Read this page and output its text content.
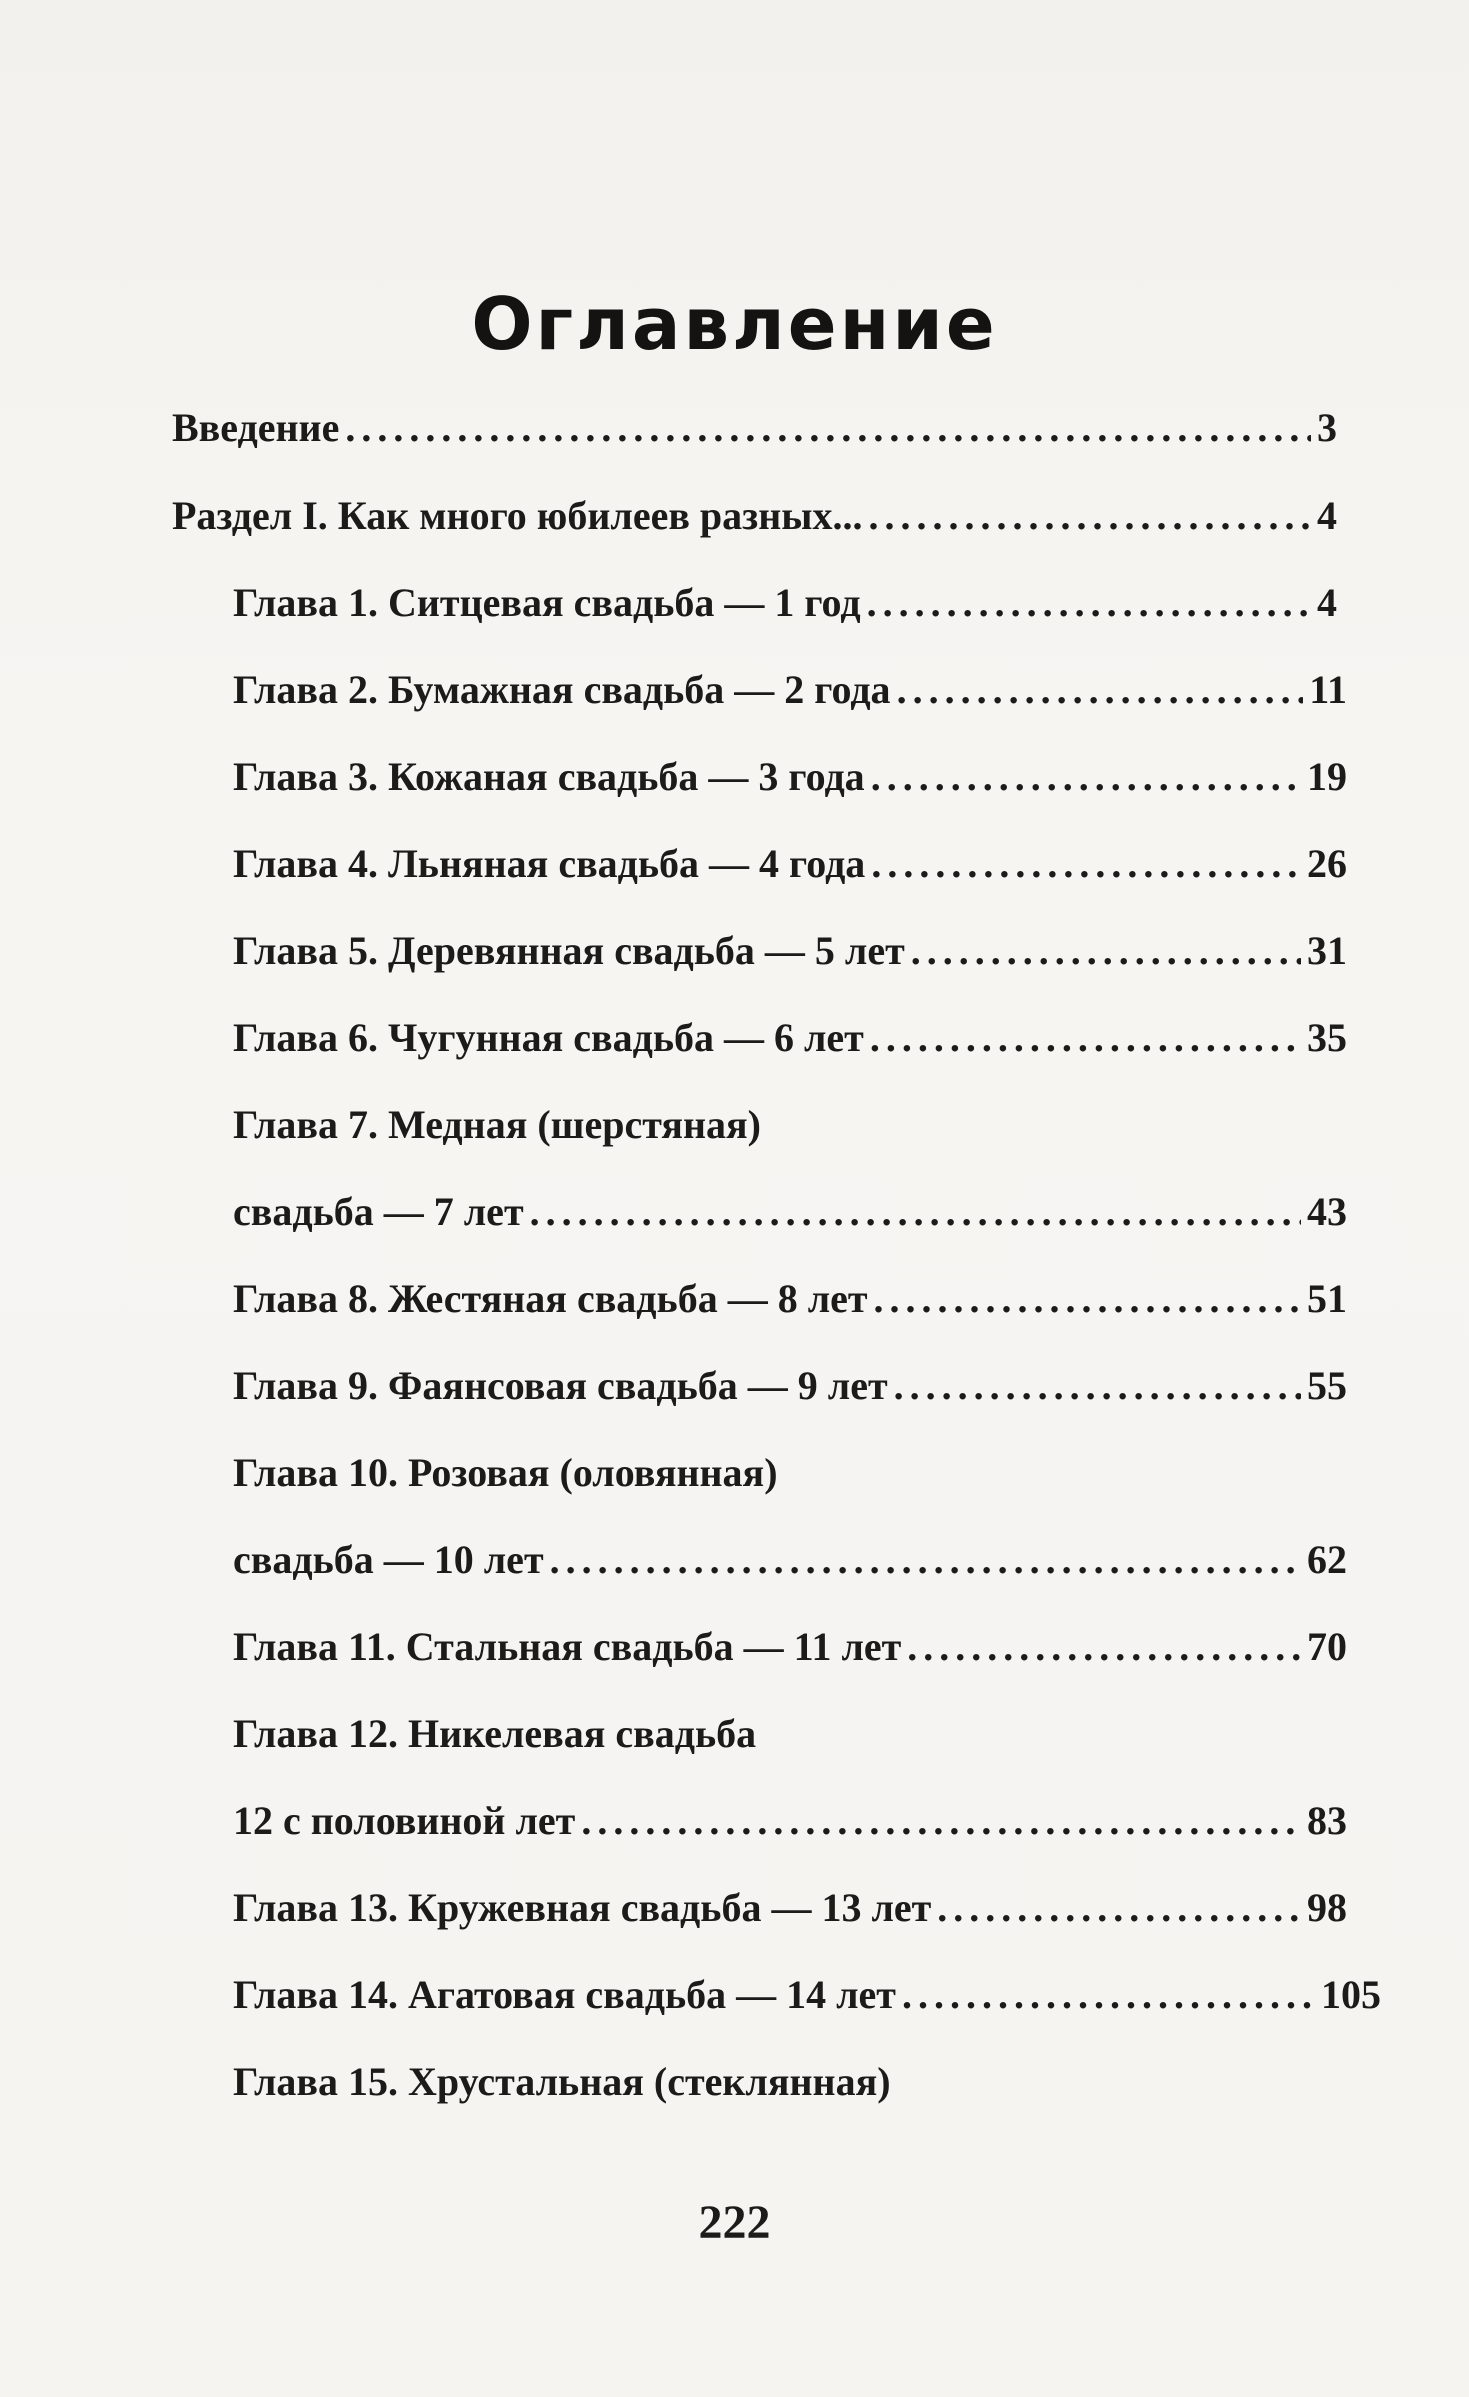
Оглавление
Введение . . .	3
Раздел I. Как много юбилеев разных... . . .	4
Глава 1. Ситцевая свадьба — 1 год . . .	4
Глава 2. Бумажная свадьба — 2 года . . .	11
Глава 3. Кожаная свадьба — 3 года . . .	19
Глава 4. Льняная свадьба — 4 года . . .	26
Глава 5. Деревянная свадьба — 5 лет . . .	31
Глава 6. Чугунная свадьба — 6 лет . . .	35
Глава 7. Медная (шерстяная)
свадьба — 7 лет . . .	43
Глава 8. Жестяная свадьба — 8 лет . . .	51
Глава 9. Фаянсовая свадьба — 9 лет . . .	55
Глава 10. Розовая (оловянная)
свадьба — 10 лет . . .	62
Глава 11. Стальная свадьба — 11 лет . . .	70
Глава 12. Никелевая свадьба
12 с половиной лет . . .	83
Глава 13. Кружевная свадьба — 13 лет . . .	98
Глава 14. Агатовая свадьба — 14 лет . . .	105
Глава 15. Хрустальная (стеклянная)
222
